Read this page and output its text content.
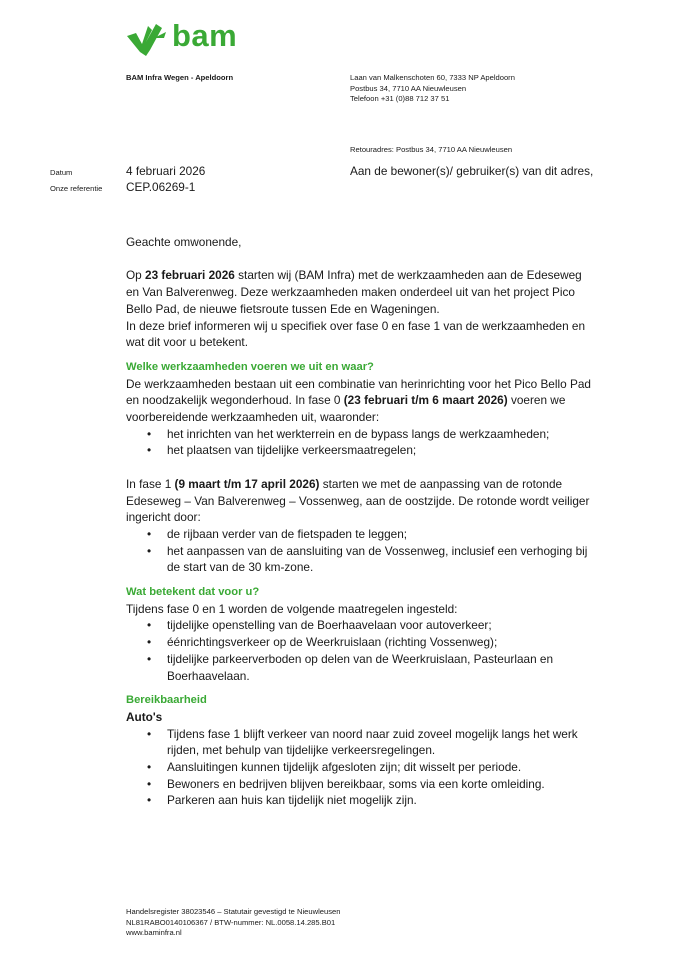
bam
BAM Infra Wegen - Apeldoorn	Laan van Malkenschoten 60, 7333 NP Apeldoorn
Postbus 34, 7710 AA Nieuwleusen
Telefoon +31 (0)88 712 37 51
Retouradres: Postbus 34, 7710 AA Nieuwleusen
Datum	4 februari 2026
Onze referentie CEP.06269-1
Aan de bewoner(s)/ gebruiker(s) van dit adres,

Geachte omwonende,

Op 23 februari 2026 starten wij (BAM Infra) met de werkzaamheden aan de Edeseweg en Van Balverenweg. Deze werkzaamheden maken onderdeel uit van het project Pico Bello Pad, de nieuwe fietsroute tussen Ede en Wageningen.

In deze brief informeren wij u specifiek over fase 0 en fase 1 van de werkzaamheden en wat dit voor u betekent.

Welke werkzaamheden voeren we uit en waar?

De werkzaamheden bestaan uit een combinatie van herinrichting voor het Pico Bello Pad en noodzakelijk wegonderhoud. In fase 0 (23 februari t/m 6 maart 2026) voeren we voorbereidende werkzaamheden uit, waaronder:

• het inrichten van het werkterrein en de bypass langs de werkzaamheden;
• het plaatsen van tijdelijke verkeersmaatregelen;

In fase 1 (9 maart t/m 17 april 2026) starten we met de aanpassing van de rotonde Edeseweg – Van Balverenweg – Vossenweg, aan de oostzijde. De rotonde wordt veiliger ingericht door:

• de rijbaan verder van de fietspaden te leggen;
• het aanpassen van de aansluiting van de Vossenweg, inclusief een verhoging bij de start van de 30 km-zone.

Wat betekent dat voor u?

Tijdens fase 0 en 1 worden de volgende maatregelen ingesteld:

• tijdelijke openstelling van de Boerhaavelaan voor autoverkeer;
• éénrichtingsverkeer op de Weerkruislaan (richting Vossenweg);
• tijdelijke parkeerverboden op delen van de Weerkruislaan, Pasteurlaan en Boerhaavelaan.

Bereikbaarheid

Auto's

• Tijdens fase 1 blijft verkeer van noord naar zuid zoveel mogelijk langs het werk rijden, met behulp van tijdelijke verkeersregelingen.
• Aansluitingen kunnen tijdelijk afgesloten zijn; dit wisselt per periode.
• Bewoners en bedrijven blijven bereikbaar, soms via een korte omleiding.
• Parkeren aan huis kan tijdelijk niet mogelijk zijn.
Handelsregister 38023546 – Statutair gevestigd te Nieuwleusen
NL81RABO0140106367 / BTW-nummer: NL.0058.14.285.B01
www.baminfra.nl
